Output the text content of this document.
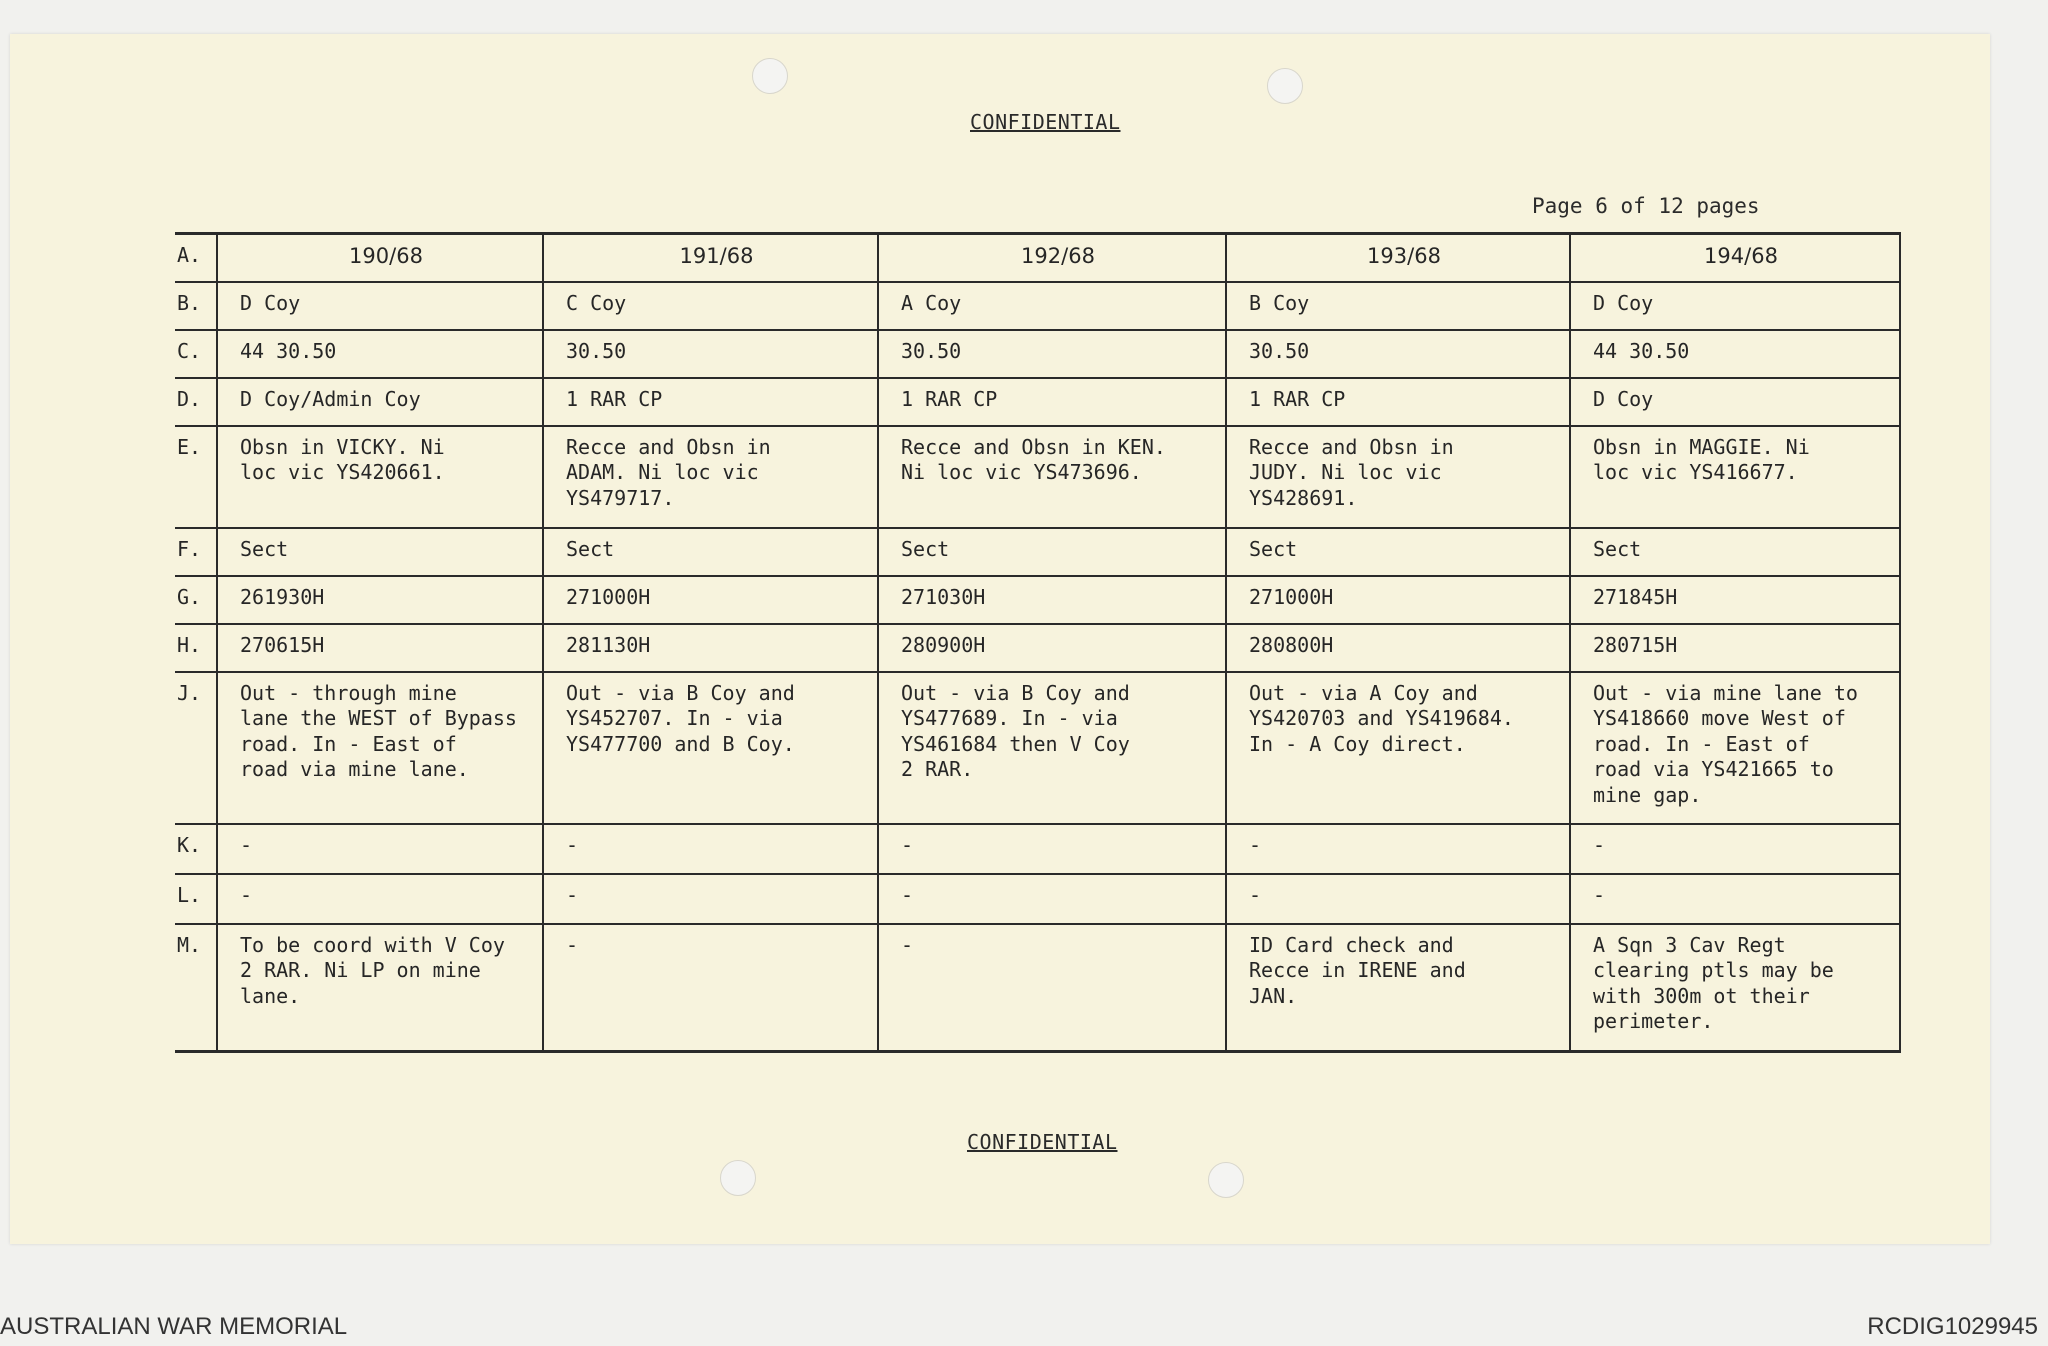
CONFIDENTIAL
Page 6 of 12 pages
CONFIDENTIAL
A.	190/68	191/68	192/68	193/68	194/68
B.	D Coy	C Coy	A Coy	B Coy	D Coy
C.	44 30.50	30.50	30.50	30.50	44 30.50
D.	D Coy/Admin Coy	1 RAR CP	1 RAR CP	1 RAR CP	D Coy
E.	Obsn in VICKY. Ni
loc vic YS420661.	Recce and Obsn in
ADAM. Ni loc vic
YS479717.	Recce and Obsn in KEN.
Ni loc vic YS473696.	Recce and Obsn in
JUDY. Ni loc vic
YS428691.	Obsn in MAGGIE. Ni
loc vic YS416677.
F.	Sect	Sect	Sect	Sect	Sect
G.	261930H	271000H	271030H	271000H	271845H
H.	270615H	281130H	280900H	280800H	280715H
J.	Out - through mine
lane the WEST of Bypass
road. In - East of
road via mine lane.	Out - via B Coy and
YS452707. In - via
YS477700 and B Coy.	Out - via B Coy and
YS477689. In - via
YS461684 then V Coy
2 RAR.	Out - via A Coy and
YS420703 and YS419684.
In - A Coy direct.	Out - via mine lane to
YS418660 move West of
road. In - East of
road via YS421665 to
mine gap.
K.	-	-	-	-	-
L.	-	-	-	-	-
M.	To be coord with V Coy
2 RAR. Ni LP on mine
lane.	-	-	ID Card check and
Recce in IRENE and
JAN.	A Sqn 3 Cav Regt
clearing ptls may be
with 300m ot their
perimeter.
AUSTRALIAN WAR MEMORIAL	RCDIG1029945
